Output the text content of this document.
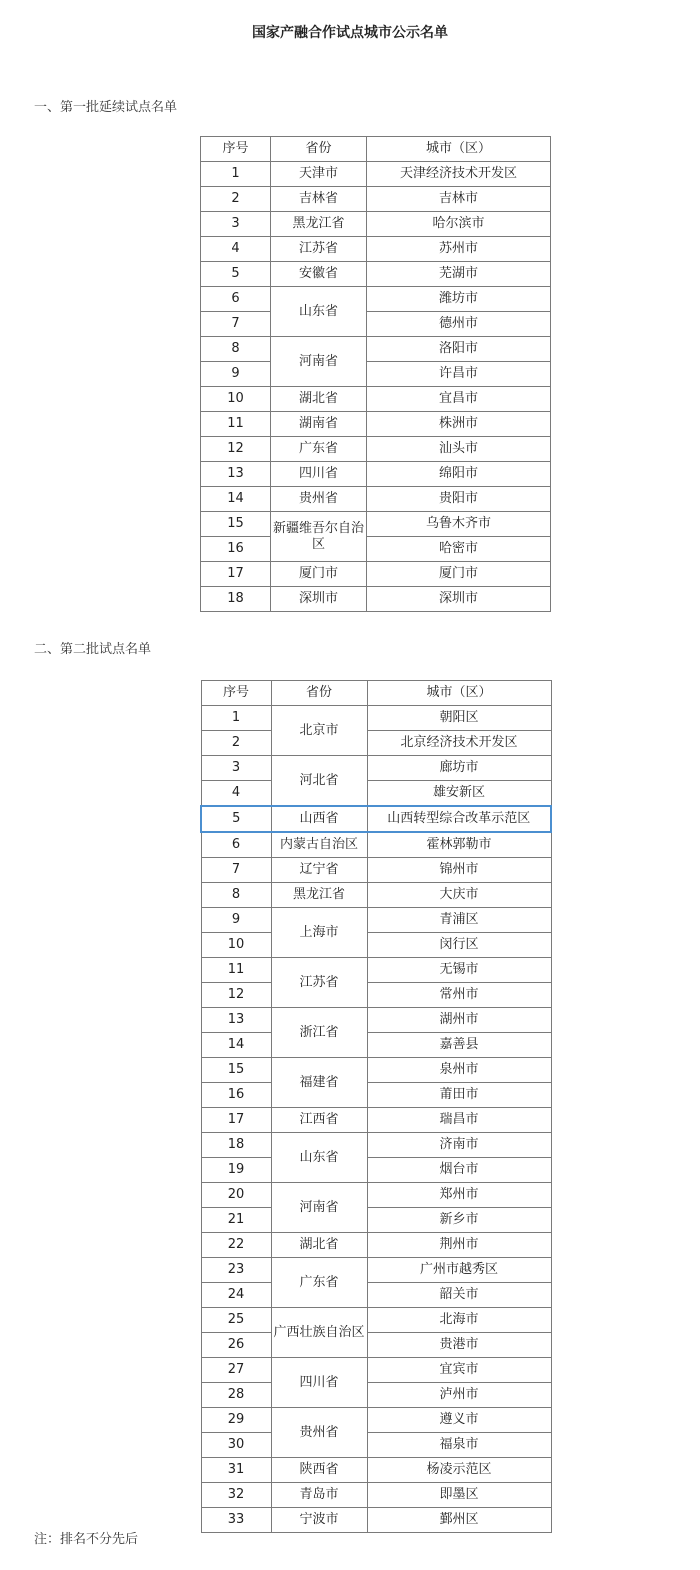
国家产融合作试点城市公示名单
一、第一批延续试点名单
序号	省份	城市（区）
1	天津市	天津经济技术开发区
2	吉林省	吉林市
3	黑龙江省	哈尔滨市
4	江苏省	苏州市
5	安徽省	芜湖市
6	山东省	潍坊市
7		德州市
8	河南省	洛阳市
9		许昌市
10	湖北省	宜昌市
11	湖南省	株洲市
12	广东省	汕头市
13	四川省	绵阳市
14	贵州省	贵阳市
15	新疆维吾尔自治区	乌鲁木齐市
16		哈密市
17	厦门市	厦门市
18	深圳市	深圳市
二、第二批试点名单
序号	省份	城市（区）
1	北京市	朝阳区
2		北京经济技术开发区
3	河北省	廊坊市
4		雄安新区
5	山西省	山西转型综合改革示范区
6	内蒙古自治区	霍林郭勒市
7	辽宁省	锦州市
8	黑龙江省	大庆市
9	上海市	青浦区
10		闵行区
11	江苏省	无锡市
12		常州市
13	浙江省	湖州市
14		嘉善县
15	福建省	泉州市
16		莆田市
17	江西省	瑞昌市
18	山东省	济南市
19		烟台市
20	河南省	郑州市
21		新乡市
22	湖北省	荆州市
23	广东省	广州市越秀区
24		韶关市
25	广西壮族自治区	北海市
26		贵港市
27	四川省	宜宾市
28		泸州市
29	贵州省	遵义市
30		福泉市
31	陕西省	杨凌示范区
32	青岛市	即墨区
33	宁波市	鄞州区
注：排名不分先后
